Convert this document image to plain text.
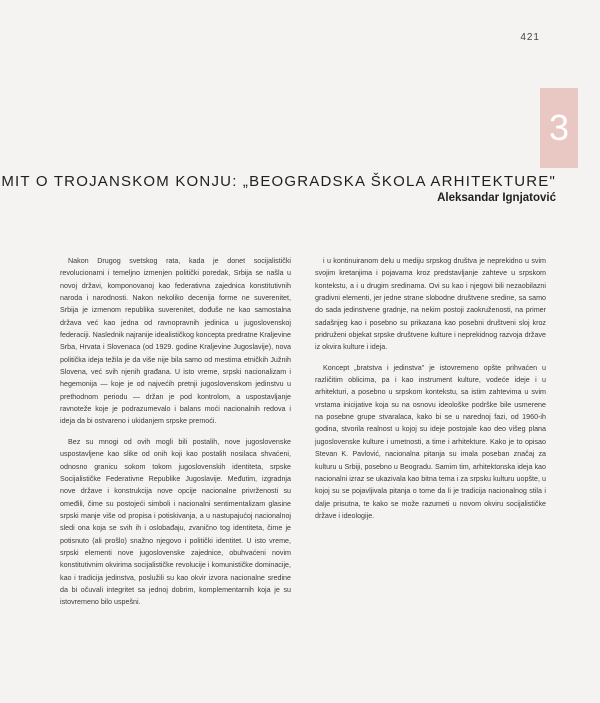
421
3
MIT O TROJANSKOM KONJU: „BEOGRADSKA ŠKOLA ARHITEKTURE"
Aleksandar Ignjatović

Nakon Drugog svetskog rata, kada je donet socijalistički revolucionarni i temeljno izmenjen politički poredak, Srbija se našla u novoj državi, komponovanoj kao federativna zajednica konstitutivnih naroda i narodnosti. Nakon nekoliko decenija forme ne suverenitet, Srbija je izmenom republika suverenitet, dođuše ne kao samostalna država već kao jedna od ravnopravnih jedinica u jugoslovenskoj federaciji. Naslednik najranije idealističkog koncepta predratne Kraljevine Srba, Hrvata i Slovenaca (od 1929. godine Kraljevine Jugoslavije), nova politička ideja težila je da više nije bila samo od mestima etničkih Južnih Slovena, već svih njenih građana. U isto vreme, srpski nacionalizam i hegemonija — koje je od najvećih pretnji jugoslovenskom jedinstvu u prethodnom periodu — držan je pod kontrolom, a uspostavljanje ravnoteže koje je podrazumevalo i balans moći nacionalnih redova i ideja da bi ostvareno i ukidanjem srpske premoći.

Bez su mnogi od ovih mogli bili postalih, nove jugoslovenske uspostavljene kao slike od onih koji kao postalih nosilaca shvaćeni, odnosno granicu sokom tokom jugoslovenskih identiteta, srpske Socijalističke Federativne Republike Jugoslavije. Međutim, izgradnja nove države i konstrukcija nove opcije nacionalne privrženosti su omeđili, čime su postojeći simboli i nacionalni sentimentalizam glasine srpski manje više od propisa i potiskivanja, a u nastupajućoj nacionalnoj sledi ona koja se svih ih i oslobađaju, zvanično tog identiteta, čime je potisnuto (ali prošlo) snažno njegovo i politički identitet. U isto vreme, srpski elementi nove jugoslovenske zajednice, obuhvaćeni novim konstitutivnim okvirima socijalističke revolucije i komunističke dominacije, kao i tradicija jedinstva, poslužili su kao okvir izvora nacionalne sredine da bi očuvali integritet sa jednoj dobrim, komplementarnih koja je su istovremeno bilo uspešni.

i u kontinuiranom delu u mediju srpskog društva je neprekidno u svim svojim kretanjima i pojavama kroz predstavljanje zahteve u srpskom kontekstu, a i u drugim sredinama. Ovi su kao i njegovi bili nezaobilazni gradivni elementi, jer jedne strane slobodne društvene sredine, sa samo do sada jedinstvene gradnje, na nekim postoji zaokruženosti, na primer sadašnjeg kao i posebno su prikazana kao posebni društveni sloj kroz pridruženi objekat srpske društvene kulture i neprekidnog razvoja države iz okvira kulture i ideja.

Koncept „bratstva i jedinstva" je istovremeno opšte prihvaćen u različitim oblicima, pa i kao instrument kulture, vodeće ideje i u arhitekturi, a posebno u srpskom kontekstu, sa istim zahtevima u svim vrstama inicijative koja su na osnovu ideološke podrške bile usmerene na posebne grupe stvaralaca, kako bi se u narednoj fazi, od 1960-ih godina, stvorila realnost u kojoj su ideje postojale kao deo višeg plana jugoslovenske kulture i umetnosti, a time i arhitekture. Kako je to opisao Stevan K. Pavlović, nacionalna pitanja su imala poseban značaj za kulturu u Srbiji, posebno u Beogradu. Samim tim, arhitektonska ideja kao nacionalni izraz se ukazivala kao bitna tema i za srpsku kulturu uopšte, u kojoj su se pojavljivala pitanja o tome da li je tradicija nacionalnog stila i dalje prisutna, te kako se može razumeti u novom okviru socijalističke države i ideologije.
